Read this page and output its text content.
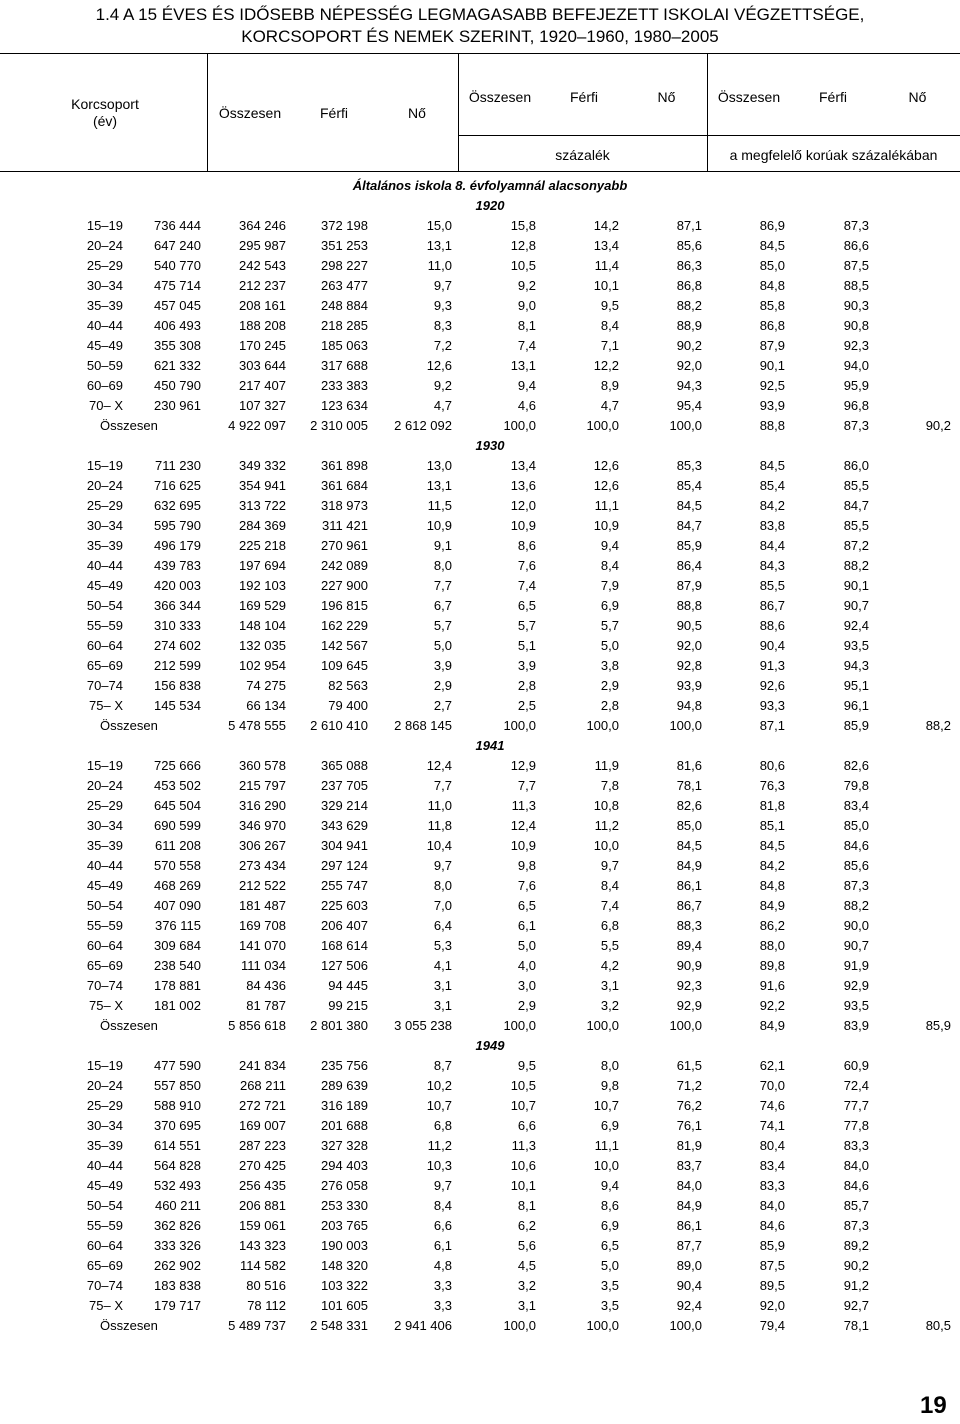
1.4 A 15 ÉVES ÉS IDŐSEBB NÉPESSÉG LEGMAGASABB BEFEJEZETT ISKOLAI VÉGZETTSÉGE,
KORCSOPORT ÉS NEMEK SZERINT, 1920–1960, 1980–2005
Korcsoport
(év)	Összesen	Férfi	Nő
Összesen	Férfi	Nő	Összesen	Férfi	Nő
százalék	a megfelelő korúak százalékában
Általános iskola 8. évfolyamnál alacsonyabb
1920
15–19	736 444	364 246	372 198	15,0	15,8	14,2	87,1	86,9	87,3
20–24	647 240	295 987	351 253	13,1	12,8	13,4	85,6	84,5	86,6
25–29	540 770	242 543	298 227	11,0	10,5	11,4	86,3	85,0	87,5
30–34	475 714	212 237	263 477	9,7	9,2	10,1	86,8	84,8	88,5
35–39	457 045	208 161	248 884	9,3	9,0	9,5	88,2	85,8	90,3
40–44	406 493	188 208	218 285	8,3	8,1	8,4	88,9	86,8	90,8
45–49	355 308	170 245	185 063	7,2	7,4	7,1	90,2	87,9	92,3
50–59	621 332	303 644	317 688	12,6	13,1	12,2	92,0	90,1	94,0
60–69	450 790	217 407	233 383	9,2	9,4	8,9	94,3	92,5	95,9
70– X	230 961	107 327	123 634	4,7	4,6	4,7	95,4	93,9	96,8
Összesen	4 922 097	2 310 005	2 612 092	100,0	100,0	100,0	88,8	87,3	90,2
1930
15–19	711 230	349 332	361 898	13,0	13,4	12,6	85,3	84,5	86,0
20–24	716 625	354 941	361 684	13,1	13,6	12,6	85,4	85,4	85,5
25–29	632 695	313 722	318 973	11,5	12,0	11,1	84,5	84,2	84,7
30–34	595 790	284 369	311 421	10,9	10,9	10,9	84,7	83,8	85,5
35–39	496 179	225 218	270 961	9,1	8,6	9,4	85,9	84,4	87,2
40–44	439 783	197 694	242 089	8,0	7,6	8,4	86,4	84,3	88,2
45–49	420 003	192 103	227 900	7,7	7,4	7,9	87,9	85,5	90,1
50–54	366 344	169 529	196 815	6,7	6,5	6,9	88,8	86,7	90,7
55–59	310 333	148 104	162 229	5,7	5,7	5,7	90,5	88,6	92,4
60–64	274 602	132 035	142 567	5,0	5,1	5,0	92,0	90,4	93,5
65–69	212 599	102 954	109 645	3,9	3,9	3,8	92,8	91,3	94,3
70–74	156 838	74 275	82 563	2,9	2,8	2,9	93,9	92,6	95,1
75– X	145 534	66 134	79 400	2,7	2,5	2,8	94,8	93,3	96,1
Összesen	5 478 555	2 610 410	2 868 145	100,0	100,0	100,0	87,1	85,9	88,2
1941
15–19	725 666	360 578	365 088	12,4	12,9	11,9	81,6	80,6	82,6
20–24	453 502	215 797	237 705	7,7	7,7	7,8	78,1	76,3	79,8
25–29	645 504	316 290	329 214	11,0	11,3	10,8	82,6	81,8	83,4
30–34	690 599	346 970	343 629	11,8	12,4	11,2	85,0	85,1	85,0
35–39	611 208	306 267	304 941	10,4	10,9	10,0	84,5	84,5	84,6
40–44	570 558	273 434	297 124	9,7	9,8	9,7	84,9	84,2	85,6
45–49	468 269	212 522	255 747	8,0	7,6	8,4	86,1	84,8	87,3
50–54	407 090	181 487	225 603	7,0	6,5	7,4	86,7	84,9	88,2
55–59	376 115	169 708	206 407	6,4	6,1	6,8	88,3	86,2	90,0
60–64	309 684	141 070	168 614	5,3	5,0	5,5	89,4	88,0	90,7
65–69	238 540	111 034	127 506	4,1	4,0	4,2	90,9	89,8	91,9
70–74	178 881	84 436	94 445	3,1	3,0	3,1	92,3	91,6	92,9
75– X	181 002	81 787	99 215	3,1	2,9	3,2	92,9	92,2	93,5
Összesen	5 856 618	2 801 380	3 055 238	100,0	100,0	100,0	84,9	83,9	85,9
1949
15–19	477 590	241 834	235 756	8,7	9,5	8,0	61,5	62,1	60,9
20–24	557 850	268 211	289 639	10,2	10,5	9,8	71,2	70,0	72,4
25–29	588 910	272 721	316 189	10,7	10,7	10,7	76,2	74,6	77,7
30–34	370 695	169 007	201 688	6,8	6,6	6,9	76,1	74,1	77,8
35–39	614 551	287 223	327 328	11,2	11,3	11,1	81,9	80,4	83,3
40–44	564 828	270 425	294 403	10,3	10,6	10,0	83,7	83,4	84,0
45–49	532 493	256 435	276 058	9,7	10,1	9,4	84,0	83,3	84,6
50–54	460 211	206 881	253 330	8,4	8,1	8,6	84,9	84,0	85,7
55–59	362 826	159 061	203 765	6,6	6,2	6,9	86,1	84,6	87,3
60–64	333 326	143 323	190 003	6,1	5,6	6,5	87,7	85,9	89,2
65–69	262 902	114 582	148 320	4,8	4,5	5,0	89,0	87,5	90,2
70–74	183 838	80 516	103 322	3,3	3,2	3,5	90,4	89,5	91,2
75– X	179 717	78 112	101 605	3,3	3,1	3,5	92,4	92,0	92,7
Összesen	5 489 737	2 548 331	2 941 406	100,0	100,0	100,0	79,4	78,1	80,5
19
